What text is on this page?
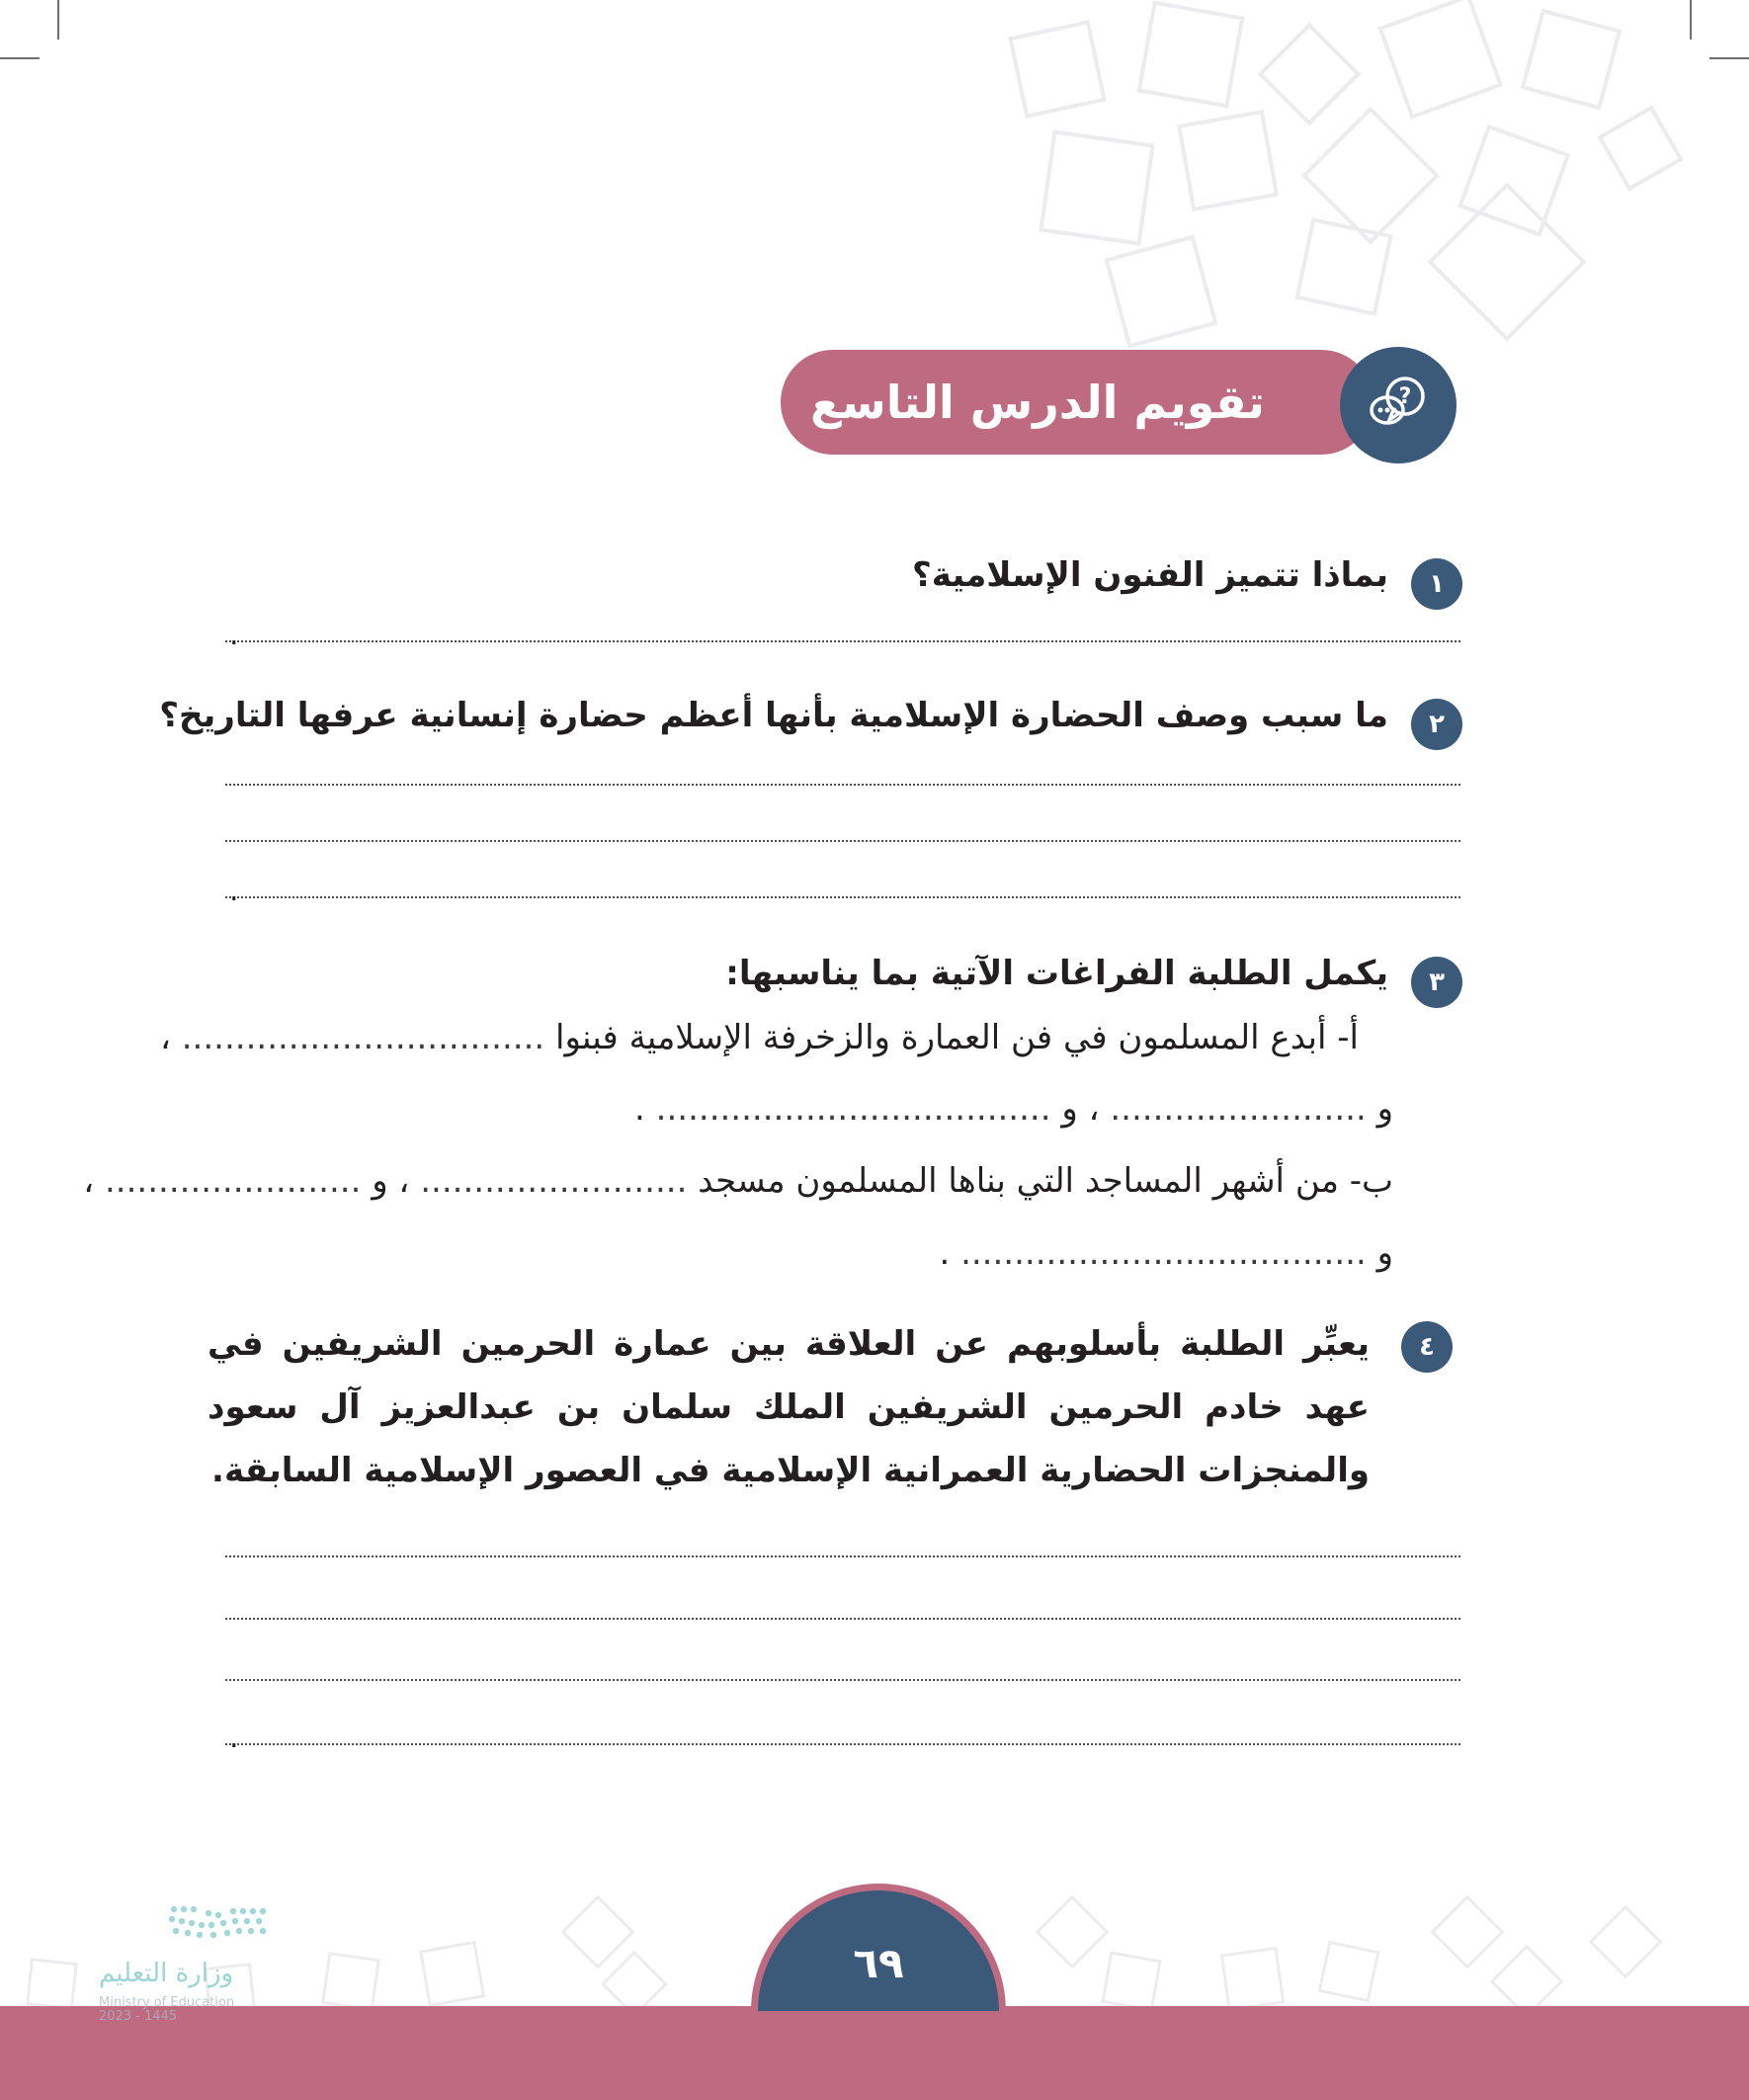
تقويم الدرس التاسع	?
١
بماذا تتميز الفنون الإسلامية؟
.
٢
ما سبب وصف الحضارة الإسلامية بأنها أعظم حضارة إنسانية عرفها التاريخ؟
.
٣
يكمل الطلبة الفراغات الآتية بما يناسبها:
أ- أبدع المسلمون في فن العمارة والزخرفة الإسلامية فبنوا .................................. ،
و ........................ ، و ..................................... .
ب- من أشهر المساجد التي بناها المسلمون مسجد ......................... ، و ........................ ،
و ...................................... .
٤
يعبِّر الطلبة بأسلوبهم عن العلاقة بين عمارة الحرمين الشريفين في عهد خادم الحرمين الشريفين الملك سلمان بن عبدالعزيز آل سعود والمنجزات الحضارية العمرانية الإسلامية في العصور الإسلامية السابقة.
.
٦٩
وزارة التعليم
Ministry of Education
2023 - 1445
